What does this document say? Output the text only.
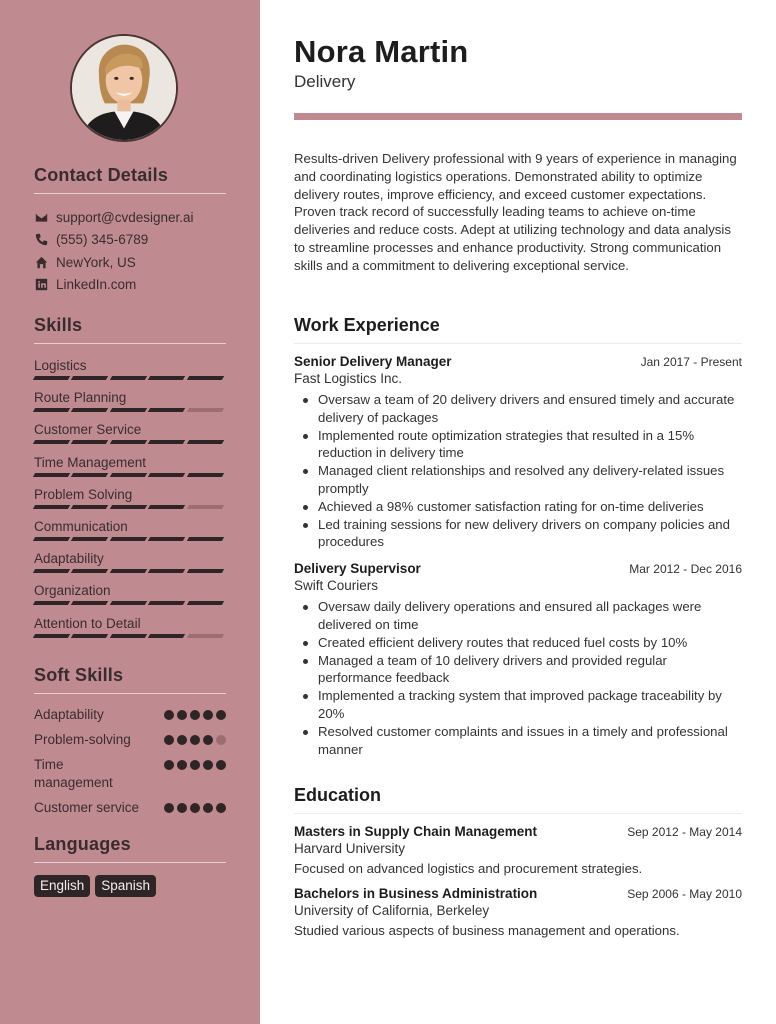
Contact Details
support@cvdesigner.ai
(555) 345-6789
NewYork, US
LinkedIn.com
Skills
Logistics
Route Planning
Customer Service
Time Management
Problem Solving
Communication
Adaptability
Organization
Attention to Detail
Soft Skills
Adaptability
Problem-solving
Time management
Customer service
Languages
English	Spanish
Nora Martin
Delivery
Results-driven Delivery professional with 9 years of experience in managing and coordinating logistics operations. Demonstrated ability to optimize delivery routes, improve efficiency, and exceed customer expectations. Proven track record of successfully leading teams to achieve on-time deliveries and reduce costs. Adept at utilizing technology and data analysis to streamline processes and enhance productivity. Strong communication skills and a commitment to delivering exceptional service.
Work Experience
Senior Delivery Manager	Jan 2017 - Present
Fast Logistics Inc.
Oversaw a team of 20 delivery drivers and ensured timely and accurate delivery of packages
Implemented route optimization strategies that resulted in a 15% reduction in delivery time
Managed client relationships and resolved any delivery-related issues promptly
Achieved a 98% customer satisfaction rating for on-time deliveries
Led training sessions for new delivery drivers on company policies and procedures
Delivery Supervisor	Mar 2012 - Dec 2016
Swift Couriers
Oversaw daily delivery operations and ensured all packages were delivered on time
Created efficient delivery routes that reduced fuel costs by 10%
Managed a team of 10 delivery drivers and provided regular performance feedback
Implemented a tracking system that improved package traceability by 20%
Resolved customer complaints and issues in a timely and professional manner
Education
Masters in Supply Chain Management	Sep 2012 - May 2014
Harvard University
Focused on advanced logistics and procurement strategies.
Bachelors in Business Administration	Sep 2006 - May 2010
University of California, Berkeley
Studied various aspects of business management and operations.
